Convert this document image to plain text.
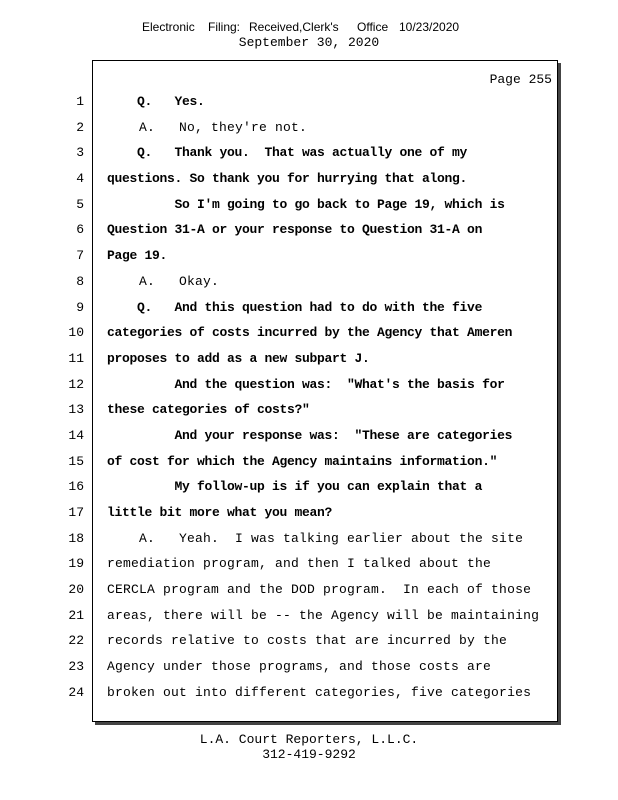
Electronic Filing: Received,Clerk's Office 10/23/2020
September 30, 2020
Page 255
1 Q.   Yes.
2 A.   No, they're not.
3 Q.   Thank you.  That was actually one of my
4 questions. So thank you for hurrying that along.
5 So I'm going to go back to Page 19, which is
6 Question 31-A or your response to Question 31-A on
7 Page 19.
8 A.   Okay.
9 Q.   And this question had to do with the five
10 categories of costs incurred by the Agency that Ameren
11 proposes to add as a new subpart J.
12 And the question was:  "What's the basis for
13 these categories of costs?"
14 And your response was:  "These are categories
15 of cost for which the Agency maintains information."
16 My follow-up is if you can explain that a
17 little bit more what you mean?
18 A.   Yeah.  I was talking earlier about the site
19 remediation program, and then I talked about the
20 CERCLA program and the DOD program.  In each of those
21 areas, there will be -- the Agency will be maintaining
22 records relative to costs that are incurred by the
23 Agency under those programs, and those costs are
24 broken out into different categories, five categories
L.A. Court Reporters, L.L.C.
312-419-9292
